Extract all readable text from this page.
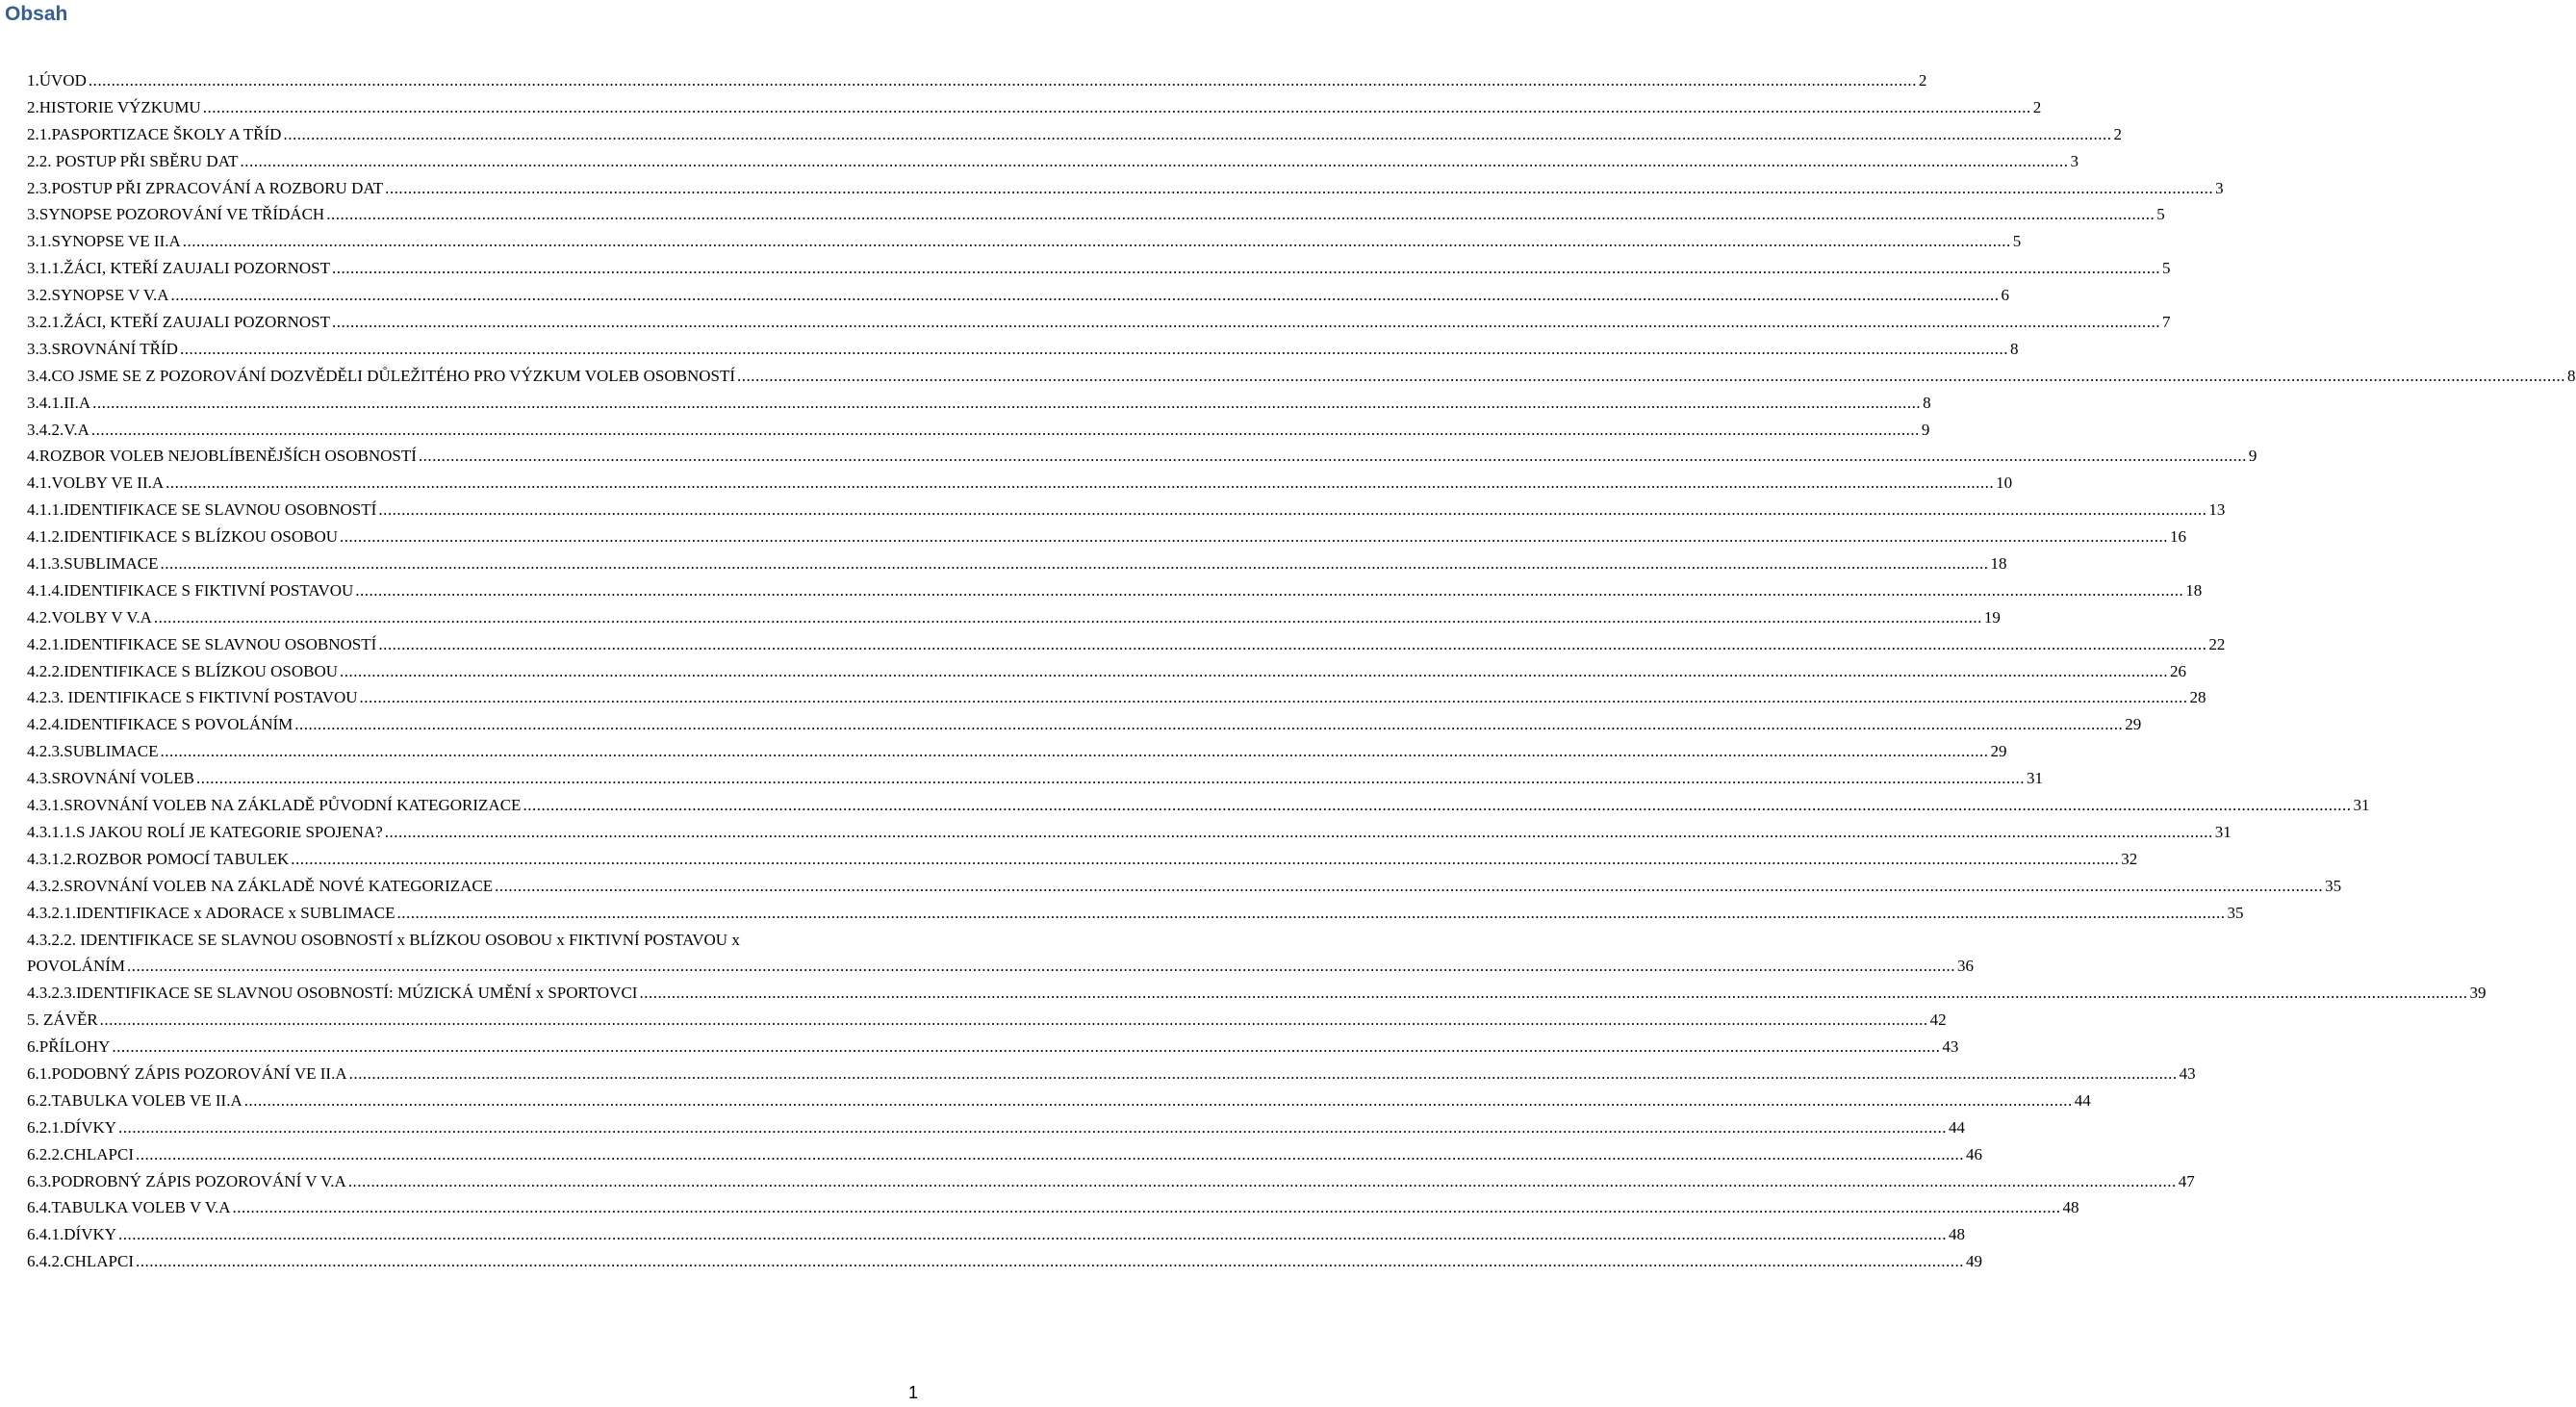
Obsah
1.ÚVOD ................................................................................................................................................................................................................................................................................................................................................................................................................ 2
2.HISTORIE VÝZKUMU ................................................................................................................................................................................................................................................................................................................................................................................................................ 2
2.1.PASPORTIZACE ŠKOLY A TŘÍD ................................................................................................................................................................................................................................................................................................................................................................................................................ 2
2.2. POSTUP PŘI SBĚRU DAT ................................................................................................................................................................................................................................................................................................................................................................................................................ 3
2.3.POSTUP PŘI ZPRACOVÁNÍ A ROZBORU DAT ................................................................................................................................................................................................................................................................................................................................................................................................................ 3
3.SYNOPSE POZOROVÁNÍ VE TŘÍDÁCH ................................................................................................................................................................................................................................................................................................................................................................................................................ 5
3.1.SYNOPSE VE II.A ................................................................................................................................................................................................................................................................................................................................................................................................................ 5
3.1.1.ŽÁCI, KTEŘÍ ZAUJALI POZORNOST ................................................................................................................................................................................................................................................................................................................................................................................................................ 5
3.2.SYNOPSE V V.A ................................................................................................................................................................................................................................................................................................................................................................................................................ 6
3.2.1.ŽÁCI, KTEŘÍ ZAUJALI POZORNOST ................................................................................................................................................................................................................................................................................................................................................................................................................ 7
3.3.SROVNÁNÍ TŘÍD ................................................................................................................................................................................................................................................................................................................................................................................................................ 8
3.4.CO JSME SE Z POZOROVÁNÍ DOZVĚDĚLI DŮLEŽITÉHO PRO VÝZKUM VOLEB OSOBNOSTÍ ................................................................................................................................................................................................................................................................................................................................................................................................................ 8
3.4.1.II.A ................................................................................................................................................................................................................................................................................................................................................................................................................ 8
3.4.2.V.A ................................................................................................................................................................................................................................................................................................................................................................................................................ 9
4.ROZBOR VOLEB NEJOBLÍBENĚJŠÍCH OSOBNOSTÍ ................................................................................................................................................................................................................................................................................................................................................................................................................ 9
4.1.VOLBY VE II.A ................................................................................................................................................................................................................................................................................................................................................................................................................ 10
4.1.1.IDENTIFIKACE SE SLAVNOU OSOBNOSTÍ ................................................................................................................................................................................................................................................................................................................................................................................................................ 13
4.1.2.IDENTIFIKACE S BLÍZKOU OSOBOU ................................................................................................................................................................................................................................................................................................................................................................................................................ 16
4.1.3.SUBLIMACE ................................................................................................................................................................................................................................................................................................................................................................................................................ 18
4.1.4.IDENTIFIKACE S FIKTIVNÍ POSTAVOU ................................................................................................................................................................................................................................................................................................................................................................................................................ 18
4.2.VOLBY V V.A ................................................................................................................................................................................................................................................................................................................................................................................................................ 19
4.2.1.IDENTIFIKACE SE SLAVNOU OSOBNOSTÍ ................................................................................................................................................................................................................................................................................................................................................................................................................ 22
4.2.2.IDENTIFIKACE S BLÍZKOU OSOBOU ................................................................................................................................................................................................................................................................................................................................................................................................................ 26
4.2.3. IDENTIFIKACE S FIKTIVNÍ POSTAVOU ................................................................................................................................................................................................................................................................................................................................................................................................................ 28
4.2.4.IDENTIFIKACE S POVOLÁNÍM ................................................................................................................................................................................................................................................................................................................................................................................................................ 29
4.2.3.SUBLIMACE ................................................................................................................................................................................................................................................................................................................................................................................................................ 29
4.3.SROVNÁNÍ VOLEB ................................................................................................................................................................................................................................................................................................................................................................................................................ 31
4.3.1.SROVNÁNÍ VOLEB NA ZÁKLADĚ PŮVODNÍ KATEGORIZACE ................................................................................................................................................................................................................................................................................................................................................................................................................ 31
4.3.1.1.S JAKOU ROLÍ JE KATEGORIE SPOJENA? ................................................................................................................................................................................................................................................................................................................................................................................................................ 31
4.3.1.2.ROZBOR POMOCÍ TABULEK ................................................................................................................................................................................................................................................................................................................................................................................................................ 32
4.3.2.SROVNÁNÍ VOLEB NA ZÁKLADĚ NOVÉ KATEGORIZACE ................................................................................................................................................................................................................................................................................................................................................................................................................ 35
4.3.2.1.IDENTIFIKACE x ADORACE x SUBLIMACE ................................................................................................................................................................................................................................................................................................................................................................................................................ 35
4.3.2.2. IDENTIFIKACE SE SLAVNOU OSOBNOSTÍ x BLÍZKOU OSOBOU x FIKTIVNÍ POSTAVOU x
POVOLÁNÍM ................................................................................................................................................................................................................................................................................................................................................................................................................ 36
4.3.2.3.IDENTIFIKACE SE SLAVNOU OSOBNOSTÍ: MÚZICKÁ UMĚNÍ x SPORTOVCI ................................................................................................................................................................................................................................................................................................................................................................................................................ 39
5. ZÁVĚR ................................................................................................................................................................................................................................................................................................................................................................................................................ 42
6.PŘÍLOHY ................................................................................................................................................................................................................................................................................................................................................................................................................ 43
6.1.PODOBNÝ ZÁPIS POZOROVÁNÍ VE II.A ................................................................................................................................................................................................................................................................................................................................................................................................................ 43
6.2.TABULKA VOLEB VE II.A ................................................................................................................................................................................................................................................................................................................................................................................................................ 44
6.2.1.DÍVKY ................................................................................................................................................................................................................................................................................................................................................................................................................ 44
6.2.2.CHLAPCI ................................................................................................................................................................................................................................................................................................................................................................................................................ 46
6.3.PODROBNÝ ZÁPIS POZOROVÁNÍ V V.A ................................................................................................................................................................................................................................................................................................................................................................................................................ 47
6.4.TABULKA VOLEB V V.A ................................................................................................................................................................................................................................................................................................................................................................................................................ 48
6.4.1.DÍVKY ................................................................................................................................................................................................................................................................................................................................................................................................................ 48
6.4.2.CHLAPCI ................................................................................................................................................................................................................................................................................................................................................................................................................ 49
1
